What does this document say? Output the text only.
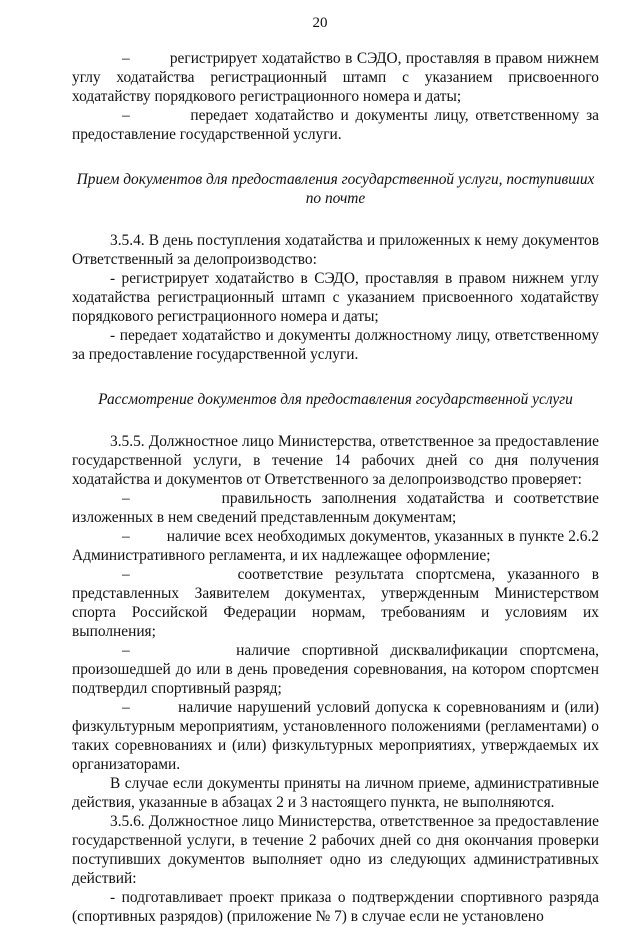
20

–         регистрирует ходатайство в СЭДО, проставляя в правом нижнем углу ходатайства регистрационный штамп с указанием присвоенного ходатайству порядкового регистрационного номера и даты;

–         передает ходатайство и документы лицу, ответственному за предоставление государственной услуги.

Прием документов для предоставления государственной услуги, поступивших по почте

3.5.4. В день поступления ходатайства и приложенных к нему документов Ответственный за делопроизводство:

- регистрирует ходатайство в СЭДО, проставляя в правом нижнем углу ходатайства регистрационный штамп с указанием присвоенного ходатайству порядкового регистрационного номера и даты;

- передает ходатайство и документы должностному лицу, ответственному за предоставление государственной услуги.

Рассмотрение документов для предоставления государственной услуги

3.5.5. Должностное лицо Министерства, ответственное за предоставление государственной услуги, в течение 14 рабочих дней со дня получения ходатайства и документов от Ответственного за делопроизводство проверяет:

–         правильность заполнения ходатайства и соответствие изложенных в нем сведений представленным документам;

–         наличие всех необходимых документов, указанных в пункте 2.6.2 Административного регламента, и их надлежащее оформление;

–         соответствие результата спортсмена, указанного в представленных Заявителем документах, утвержденным Министерством спорта Российской Федерации нормам, требованиям и условиям их выполнения;

–         наличие спортивной дисквалификации спортсмена, произошедшей до или в день проведения соревнования, на котором спортсмен подтвердил спортивный разряд;

–         наличие нарушений условий допуска к соревнованиям и (или) физкультурным мероприятиям, установленного положениями (регламентами) о таких соревнованиях и (или) физкультурных мероприятиях, утверждаемых их организаторами.

В случае если документы приняты на личном приеме, административные действия, указанные в абзацах 2 и 3 настоящего пункта, не выполняются.

3.5.6. Должностное лицо Министерства, ответственное за предоставление государственной услуги, в течение 2 рабочих дней со дня окончания проверки поступивших документов выполняет одно из следующих административных действий:

- подготавливает проект приказа о подтверждении спортивного разряда (спортивных разрядов) (приложение № 7) в случае если не установлено
